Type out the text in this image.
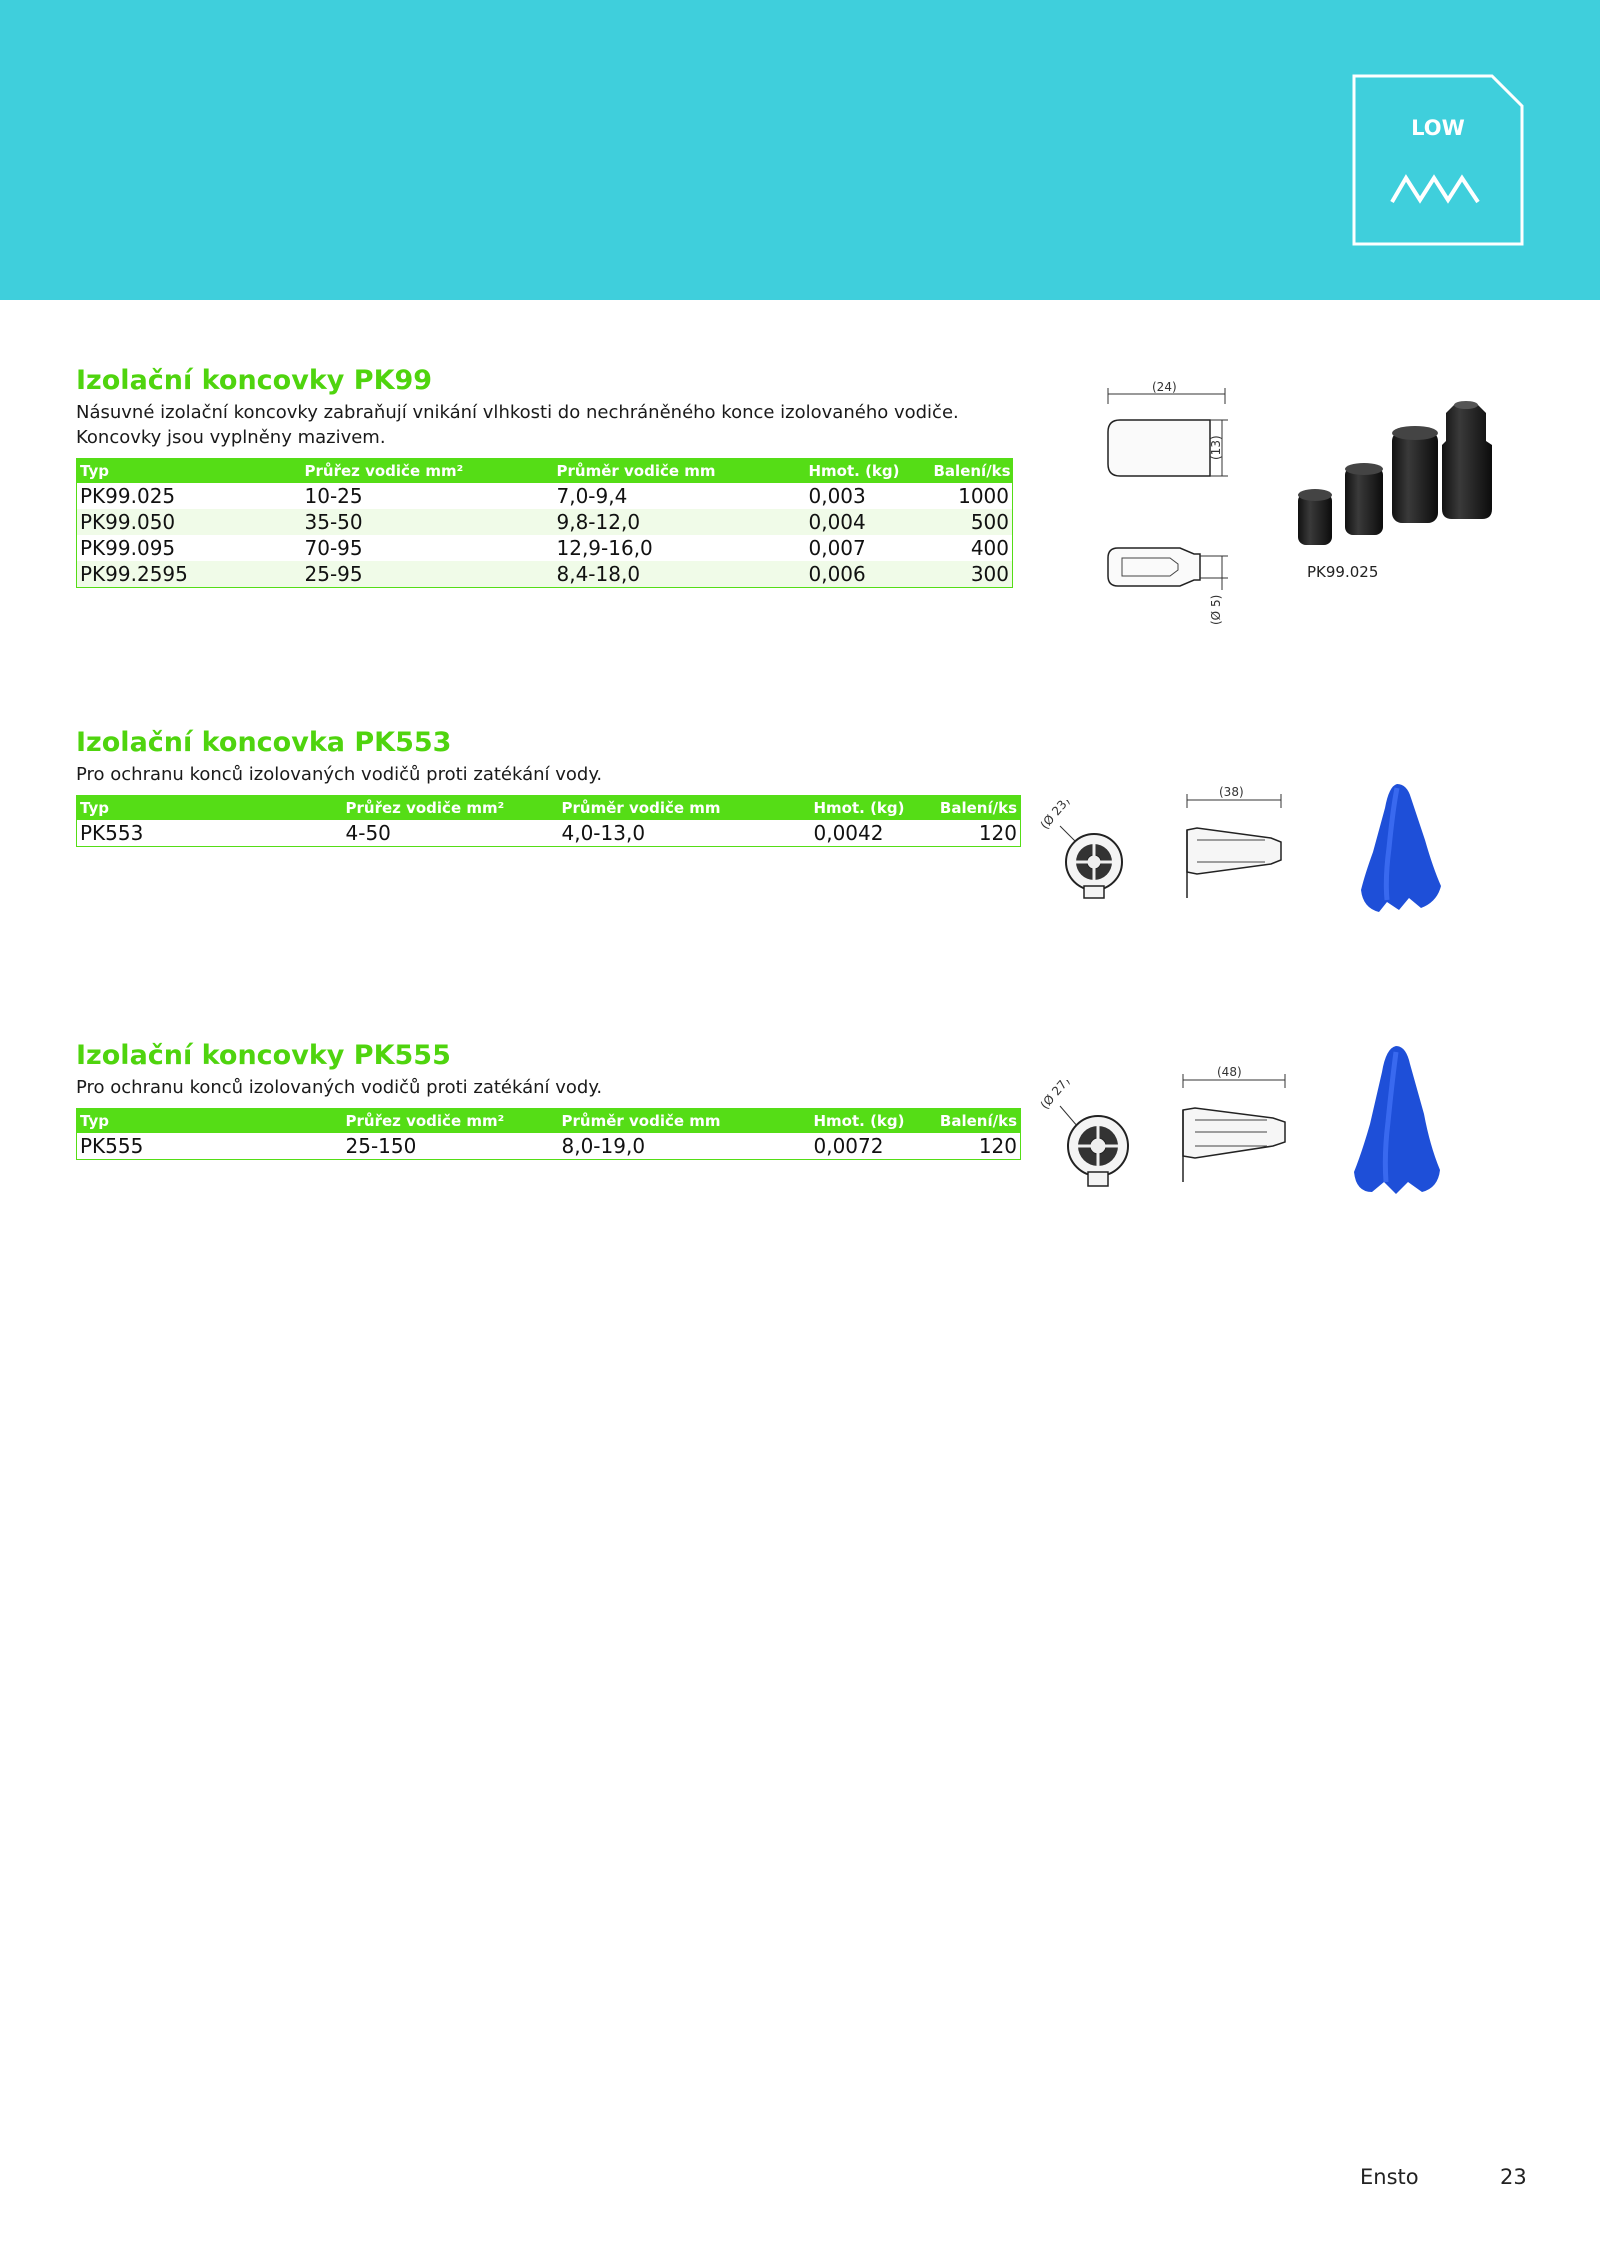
LOW
Izolační koncovky PK99

Násuvné izolační koncovky zabraňují vnikání vlhkosti do nechráněného konce izolovaného vodiče. Koncovky jsou vyplněny mazivem.

Typ	Průřez vodiče mm²	Průměr vodiče mm	Hmot. (kg)	Balení/ks
PK99.025	10-25	7,0-9,4	0,003	1000
PK99.050	35-50	9,8-12,0	0,004	500
PK99.095	70-95	12,9-16,0	0,007	400
PK99.2595	25-95	8,4-18,0	0,006	300
(24)
(13)
(Ø 5)
PK99.025
Izolační koncovka PK553

Pro ochranu konců izolovaných vodičů proti zatékání vody.

Typ	Průřez vodiče mm²	Průměr vodiče mm	Hmot. (kg)	Balení/ks
PK553	4-50	4,0-13,0	0,0042	120
(Ø 23)
(38)
Izolační koncovky PK555

Pro ochranu konců izolovaných vodičů proti zatékání vody.

Typ	Průřez vodiče mm²	Průměr vodiče mm	Hmot. (kg)	Balení/ks
PK555	25-150	8,0-19,0	0,0072	120
(Ø 27)
(48)
Ensto	23
